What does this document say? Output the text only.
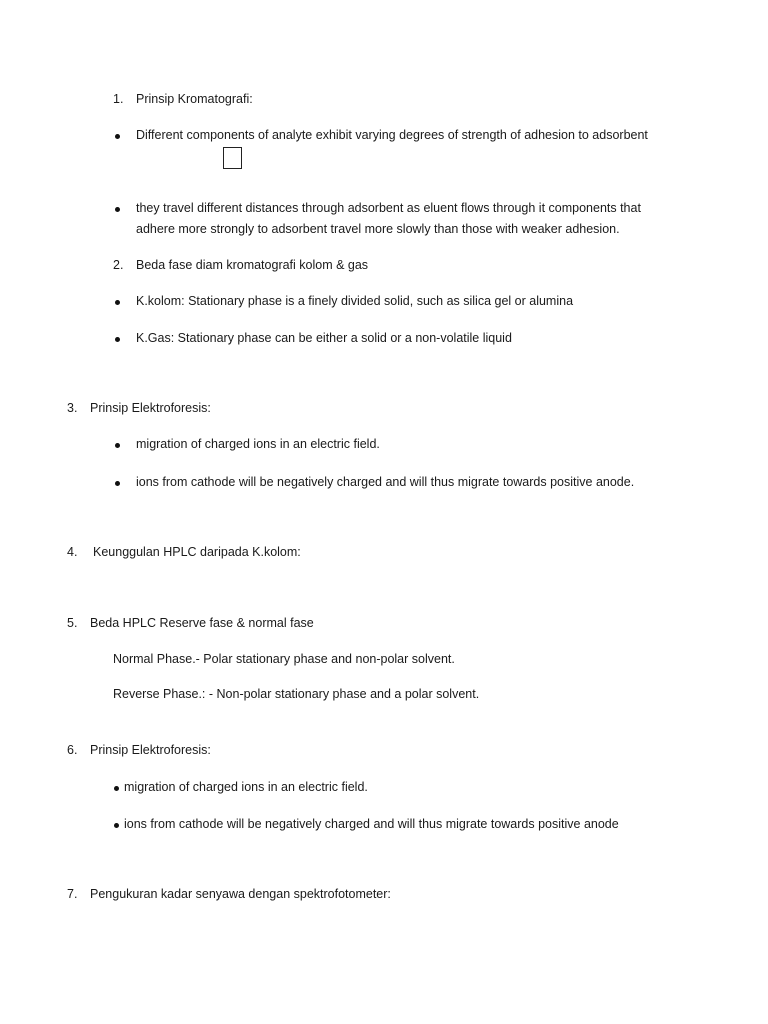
1. Prinsip Kromatografi:
Different components of analyte exhibit varying degrees of strength of adhesion to adsorbent
they travel different distances through adsorbent as eluent flows through it components that
adhere more strongly to adsorbent travel more slowly than those with weaker adhesion.
2. Beda fase diam kromatografi kolom & gas
K.kolom: Stationary phase is a finely divided solid, such as silica gel or alumina
K.Gas: Stationary phase can be either a solid or a non-volatile liquid
3. Prinsip Elektroforesis:
migration of charged ions in an electric field.
ions from cathode will be negatively charged and will thus migrate towards positive anode.
4. Keunggulan HPLC daripada K.kolom:
5. Beda HPLC Reserve fase & normal fase
Normal Phase.- Polar stationary phase and non-polar solvent.
Reverse Phase.: - Non-polar stationary phase and a polar solvent.
6. Prinsip Elektroforesis:
migration of charged ions in an electric field.
ions from cathode will be negatively charged and will thus migrate towards positive anode
7. Pengukuran kadar senyawa dengan spektrofotometer:
